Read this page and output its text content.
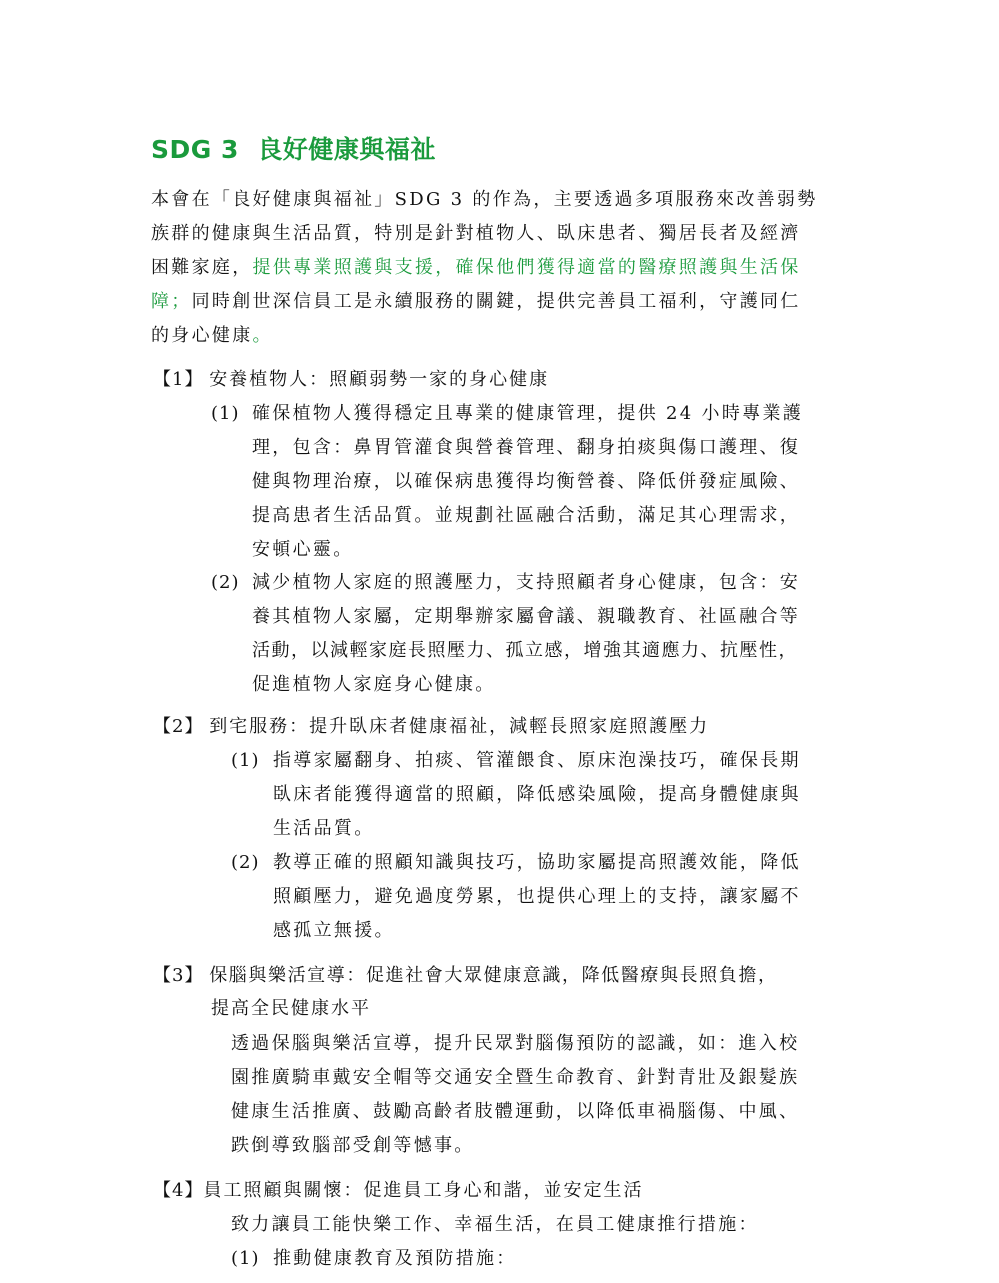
SDG 3 良好健康與福祉
本會在「良好健康與福祉」SDG 3 的作為，主要透過多項服務來改善弱勢
族群的健康與生活品質，特別是針對植物人、臥床患者、獨居長者及經濟
困難家庭，提供專業照護與支援，確保他們獲得適當的醫療照護與生活保
障；同時創世深信員工是永續服務的關鍵，提供完善員工福利，守護同仁
的身心健康。
【1】 安養植物人：照顧弱勢一家的身心健康
(1) 確保植物人獲得穩定且專業的健康管理，提供 24 小時專業護
理，包含：鼻胃管灌食與營養管理、翻身拍痰與傷口護理、復
健與物理治療，以確保病患獲得均衡營養、降低併發症風險、
提高患者生活品質。並規劃社區融合活動，滿足其心理需求，
安頓心靈。
(2) 減少植物人家庭的照護壓力，支持照顧者身心健康，包含：安
養其植物人家屬，定期舉辦家屬會議、親職教育、社區融合等
活動，以減輕家庭長照壓力、孤立感，增強其適應力、抗壓性，
促進植物人家庭身心健康。
【2】 到宅服務：提升臥床者健康福祉，減輕長照家庭照護壓力
(1) 指導家屬翻身、拍痰、管灌餵食、原床泡澡技巧，確保長期
臥床者能獲得適當的照顧，降低感染風險，提高身體健康與
生活品質。
(2) 教導正確的照顧知識與技巧，協助家屬提高照護效能，降低
照顧壓力，避免過度勞累，也提供心理上的支持，讓家屬不
感孤立無援。
【3】 保腦與樂活宣導：促進社會大眾健康意識，降低醫療與長照負擔，
提高全民健康水平
透過保腦與樂活宣導，提升民眾對腦傷預防的認識，如：進入校
園推廣騎車戴安全帽等交通安全暨生命教育、針對青壯及銀髮族
健康生活推廣、鼓勵高齡者肢體運動，以降低車禍腦傷、中風、
跌倒導致腦部受創等憾事。
【4】員工照顧與關懷：促進員工身心和諧，並安定生活
致力讓員工能快樂工作、幸福生活，在員工健康推行措施：
(1) 推動健康教育及預防措施：
